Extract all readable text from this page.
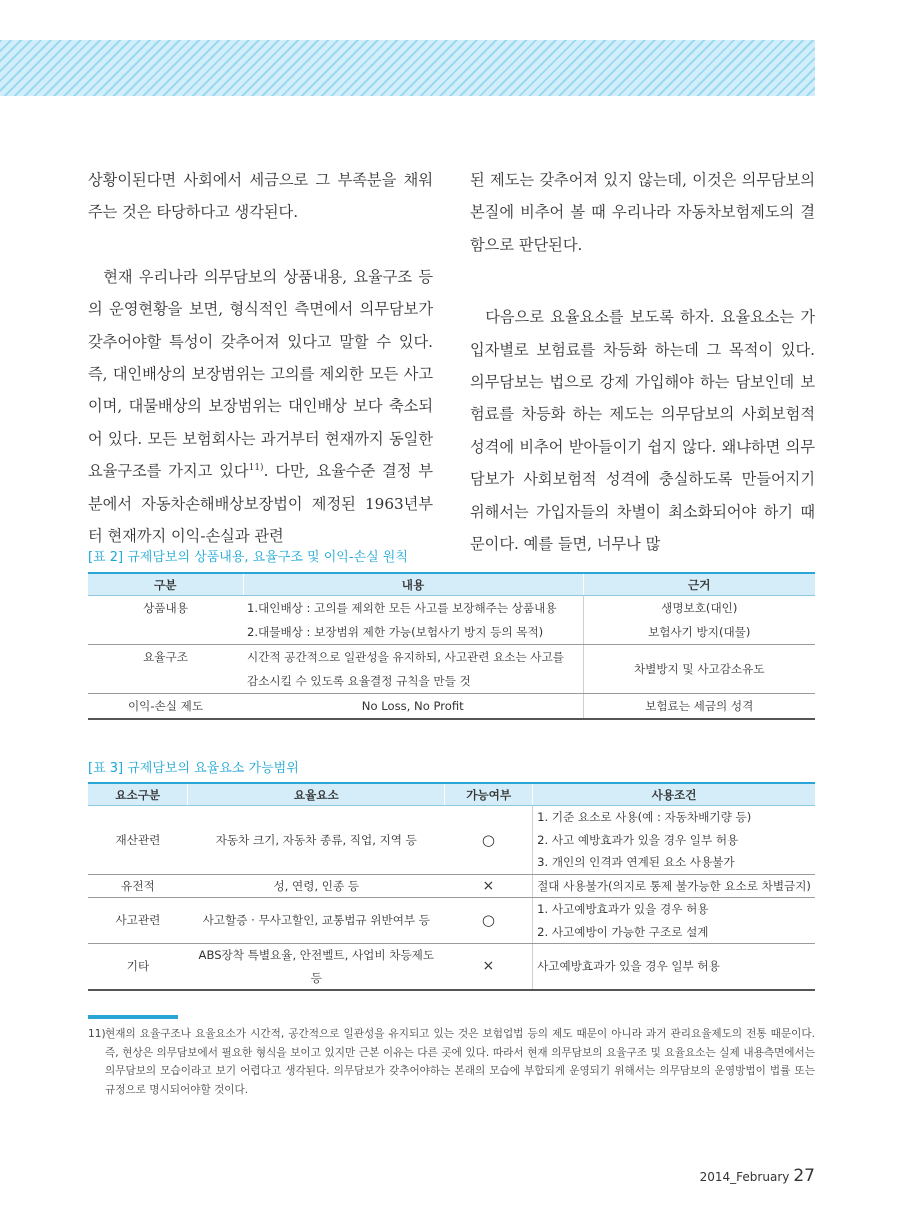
상황이된다면 사회에서 세금으로 그 부족분을 채워주는 것은 타당하다고 생각된다.

현재 우리나라 의무담보의 상품내용, 요율구조 등의 운영현황을 보면, 형식적인 측면에서 의무담보가 갖추어야할 특성이 갖추어져 있다고 말할 수 있다. 즉, 대인배상의 보장범위는 고의를 제외한 모든 사고이며, 대물배상의 보장범위는 대인배상 보다 축소되어 있다. 모든 보험회사는 과거부터 현재까지 동일한 요율구조를 가지고 있다$^{11)}$. 다만, 요율수준 결정 부분에서 자동차손해배상보장법이 제정된 1963년부터 현재까지 이익-손실과 관련

된 제도는 갖추어져 있지 않는데, 이것은 의무담보의 본질에 비추어 볼 때 우리나라 자동차보험제도의 결함으로 판단된다.

다음으로 요율요소를 보도록 하자. 요율요소는 가입자별로 보험료를 차등화 하는데 그 목적이 있다. 의무담보는 법으로 강제 가입해야 하는 담보인데 보험료를 차등화 하는 제도는 의무담보의 사회보험적 성격에 비추어 받아들이기 쉽지 않다. 왜냐하면 의무담보가 사회보험적 성격에 충실하도록 만들어지기 위해서는 가입자들의 차별이 최소화되어야 하기 때문이다. 예를 들면, 너무나 많

[표 2] 규제담보의 상품내용, 요율구조 및 이익-손실 원칙
구분	내용	근거
상품내용	1.대인배상 : 고의를 제외한 모든 사고를 보장해주는 상품내용	생명보호(대인)
	2.대물배상 : 보장범위 제한 가능(보험사기 방지 등의 목적)	보험사기 방지(대물)
요율구조	시간적 공간적으로 일관성을 유지하되, 사고관련 요소는 사고를	차별방지 및 사고감소유도
	감소시킬 수 있도록 요율결정 규칙을 만들 것	
이익-손실 제도	No Loss, No Profit	보험료는 세금의 성격
[표 3] 규제담보의 요율요소 가능범위
요소구분	요율요소	가능여부	사용조건
재산관련	자동차 크기, 자동차 종류, 직업, 지역 등	○	1. 기준 요소로 사용(예 : 자동차배기량 등)
			2. 사고 예방효과가 있을 경우 일부 허용
			3. 개인의 인격과 연계된 요소 사용불가
유전적	성, 연령, 인종 등	×	절대 사용불가(의지로 통제 불가능한 요소로 차별금지)
사고관련	사고할증 · 무사고할인, 교통법규 위반여부 등	○	1. 사고예방효과가 있을 경우 허용
			2. 사고예방이 가능한 구조로 설계
기타	ABS장착 특별요율, 안전벨트, 사업비 차등제도 등	×	사고예방효과가 있을 경우 일부 허용
11) 현재의 요율구조나 요율요소가 시간적, 공간적으로 일관성을 유지되고 있는 것은 보험업법 등의 제도 때문이 아니라 과거 관리요율제도의 전통 때문이다. 즉, 현상은 의무담보에서 필요한 형식을 보이고 있지만 근본 이유는 다른 곳에 있다. 따라서 현재 의무담보의 요율구조 및 요율요소는 실제 내용측면에서는 의무담보의 모습이라고 보기 어렵다고 생각된다. 의무담보가 갖추어야하는 본래의 모습에 부합되게 운영되기 위해서는 의무담보의 운영방법이 법률 또는 규정으로 명시되어야할 것이다.
2014_February 27
